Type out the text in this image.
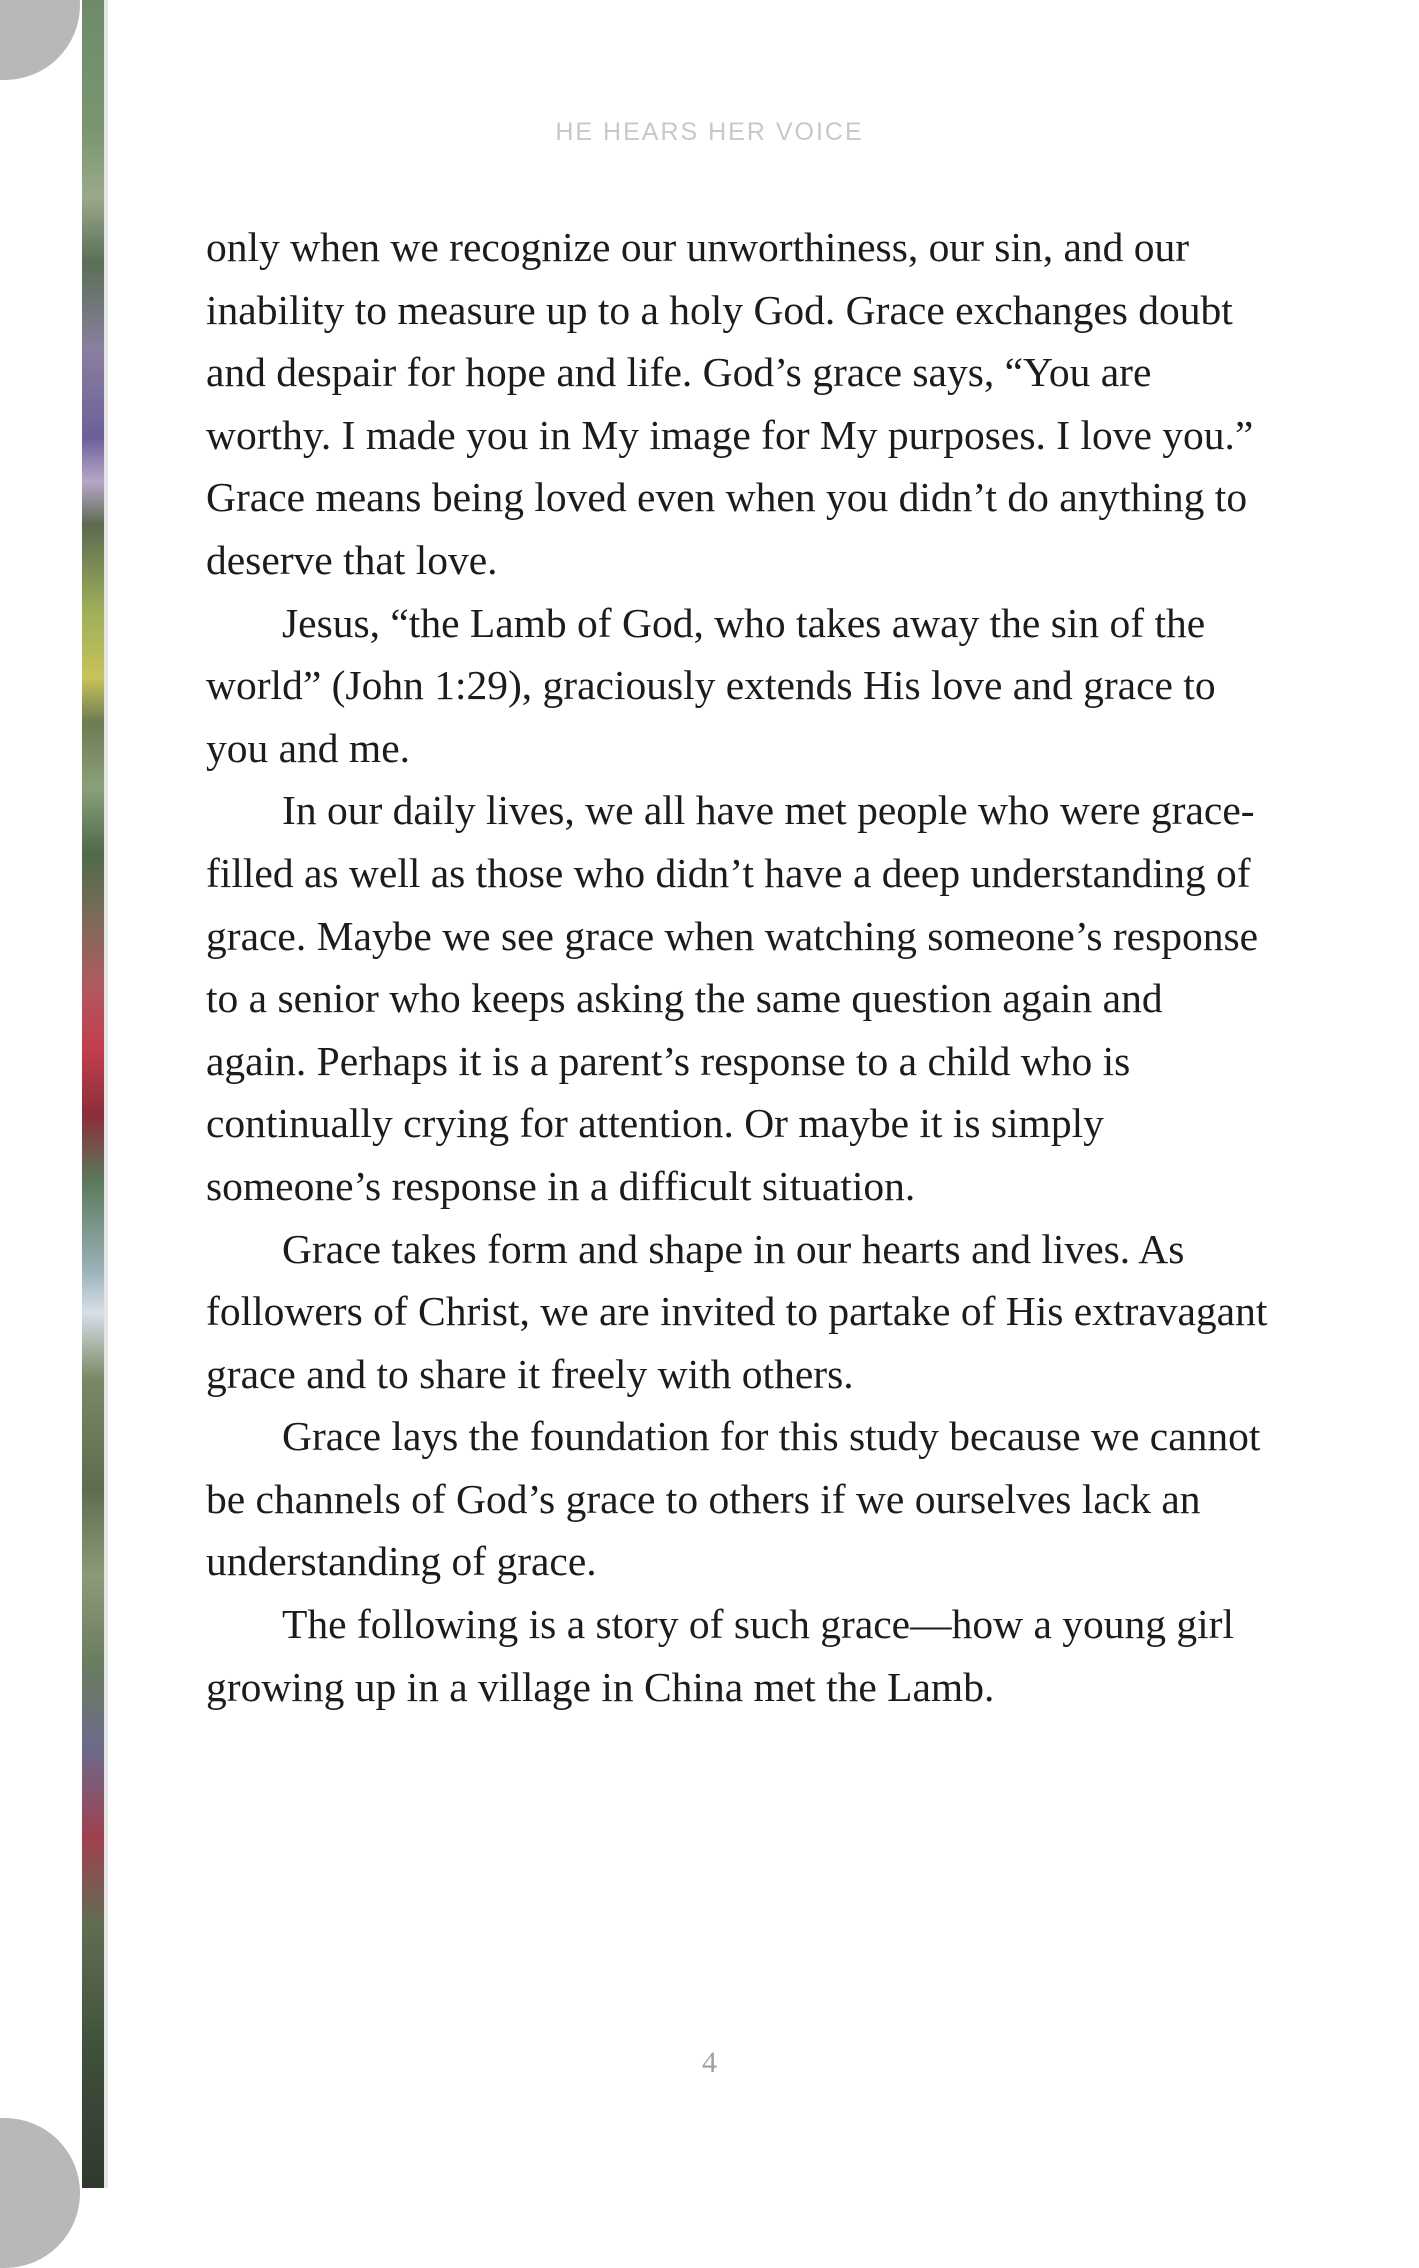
HE HEARS HER VOICE

only when we recognize our unworthiness, our sin, and our inability to measure up to a holy God. Grace exchanges doubt and despair for hope and life. God’s grace says, “You are worthy. I made you in My image for My purposes. I love you.” Grace means being loved even when you didn’t do anything to deserve that love.

Jesus, “the Lamb of God, who takes away the sin of the world” (John 1:29), graciously extends His love and grace to you and me.

In our daily lives, we all have met people who were grace-filled as well as those who didn’t have a deep understanding of grace. Maybe we see grace when watching someone’s response to a senior who keeps asking the same question again and again. Perhaps it is a parent’s response to a child who is continually crying for attention. Or maybe it is simply someone’s response in a difficult situation.

Grace takes form and shape in our hearts and lives. As followers of Christ, we are invited to partake of His extravagant grace and to share it freely with others.

Grace lays the foundation for this study because we cannot be channels of God’s grace to others if we ourselves lack an understanding of grace.

The following is a story of such grace—how a young girl growing up in a village in China met the Lamb.

4
